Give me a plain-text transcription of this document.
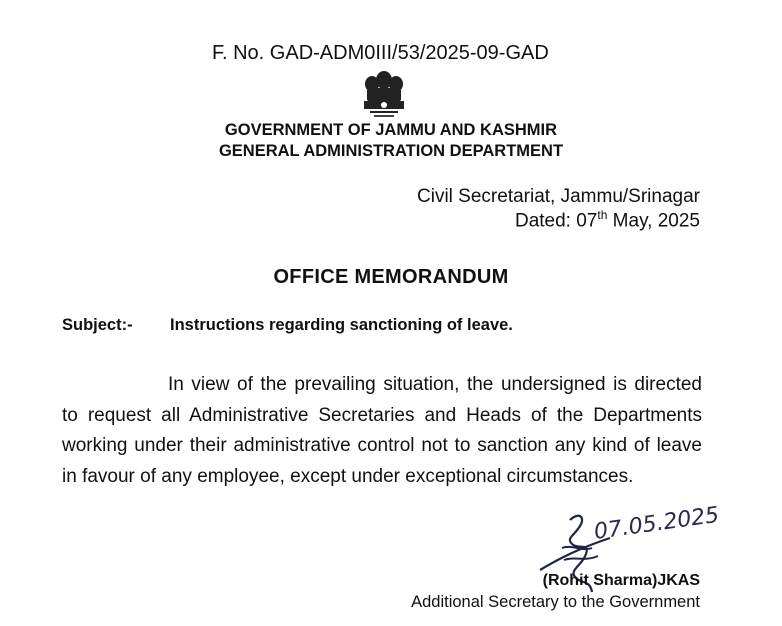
F. No. GAD-ADM0III/53/2025-09-GAD
GOVERNMENT OF JAMMU AND KASHMIR
GENERAL ADMINISTRATION DEPARTMENT
Civil Secretariat, Jammu/Srinagar
Dated: 07th May, 2025
OFFICE MEMORANDUM
Subject:- Instructions regarding sanctioning of leave.
In view of the prevailing situation, the undersigned is directed to request all Administrative Secretaries and Heads of the Departments working under their administrative control not to sanction any kind of leave in favour of any employee, except under exceptional circumstances.
07.05.2025
(Rohit Sharma)JKAS
Additional Secretary to the Government
